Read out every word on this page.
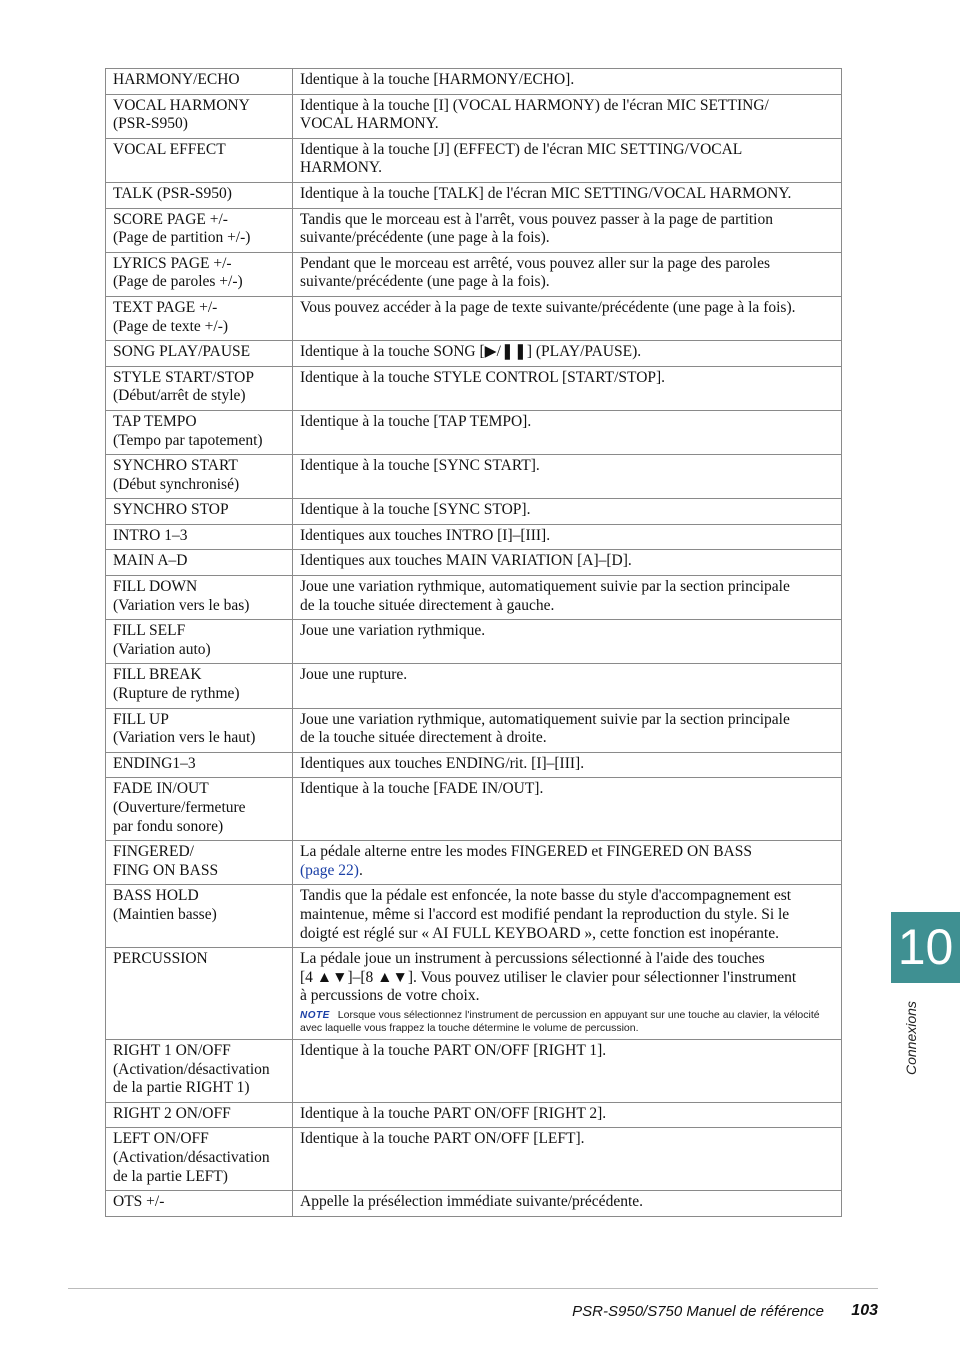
HARMONY/ECHO	Identique à la touche [HARMONY/ECHO].
VOCAL HARMONY
(PSR-S950)	Identique à la touche [I] (VOCAL HARMONY) de l'écran MIC SETTING/
VOCAL HARMONY.
VOCAL EFFECT	Identique à la touche [J] (EFFECT) de l'écran MIC SETTING/VOCAL
HARMONY.
TALK (PSR-S950)	Identique à la touche [TALK] de l'écran MIC SETTING/VOCAL HARMONY.
SCORE PAGE +/-
(Page de partition +/-)	Tandis que le morceau est à l'arrêt, vous pouvez passer à la page de partition
suivante/précédente (une page à la fois).
LYRICS PAGE +/-
(Page de paroles +/-)	Pendant que le morceau est arrêté, vous pouvez aller sur la page des paroles
suivante/précédente (une page à la fois).
TEXT PAGE +/-
(Page de texte +/-)	Vous pouvez accéder à la page de texte suivante/précédente (une page à la fois).
SONG PLAY/PAUSE	Identique à la touche SONG [▶/❚❚] (PLAY/PAUSE).
STYLE START/STOP
(Début/arrêt de style)	Identique à la touche STYLE CONTROL [START/STOP].
TAP TEMPO
(Tempo par tapotement)	Identique à la touche [TAP TEMPO].
SYNCHRO START
(Début synchronisé)	Identique à la touche [SYNC START].
SYNCHRO STOP	Identique à la touche [SYNC STOP].
INTRO 1–3	Identiques aux touches INTRO [I]–[III].
MAIN A–D	Identiques aux touches MAIN VARIATION [A]–[D].
FILL DOWN
(Variation vers le bas)	Joue une variation rythmique, automatiquement suivie par la section principale
de la touche située directement à gauche.
FILL SELF
(Variation auto)	Joue une variation rythmique.
FILL BREAK
(Rupture de rythme)	Joue une rupture.
FILL UP
(Variation vers le haut)	Joue une variation rythmique, automatiquement suivie par la section principale
de la touche située directement à droite.
ENDING1–3	Identiques aux touches ENDING/rit. [I]–[III].
FADE IN/OUT
(Ouverture/fermeture
par fondu sonore)	Identique à la touche [FADE IN/OUT].
FINGERED/
FING ON BASS	La pédale alterne entre les modes FINGERED et FINGERED ON BASS
(page 22).
BASS HOLD
(Maintien basse)	Tandis que la pédale est enfoncée, la note basse du style d'accompagnement est
maintenue, même si l'accord est modifié pendant la reproduction du style. Si le
doigté est réglé sur « AI FULL KEYBOARD », cette fonction est inopérante.
PERCUSSION	La pédale joue un instrument à percussions sélectionné à l'aide des touches
[4 ▲▼]–[8 ▲▼]. Vous pouvez utiliser le clavier pour sélectionner l'instrument
à percussions de votre choix.
NOTE Lorsque vous sélectionnez l'instrument de percussion en appuyant sur une touche au clavier, la vélocité avec laquelle vous frappez la touche détermine le volume de percussion.

RIGHT 1 ON/OFF
(Activation/désactivation
de la partie RIGHT 1)	Identique à la touche PART ON/OFF [RIGHT 1].
RIGHT 2 ON/OFF	Identique à la touche PART ON/OFF [RIGHT 2].
LEFT ON/OFF
(Activation/désactivation
de la partie LEFT)	Identique à la touche PART ON/OFF [LEFT].
OTS +/-	Appelle la présélection immédiate suivante/précédente.
10
Connexions
PSR-S950/S750 Manuel de référence 103
